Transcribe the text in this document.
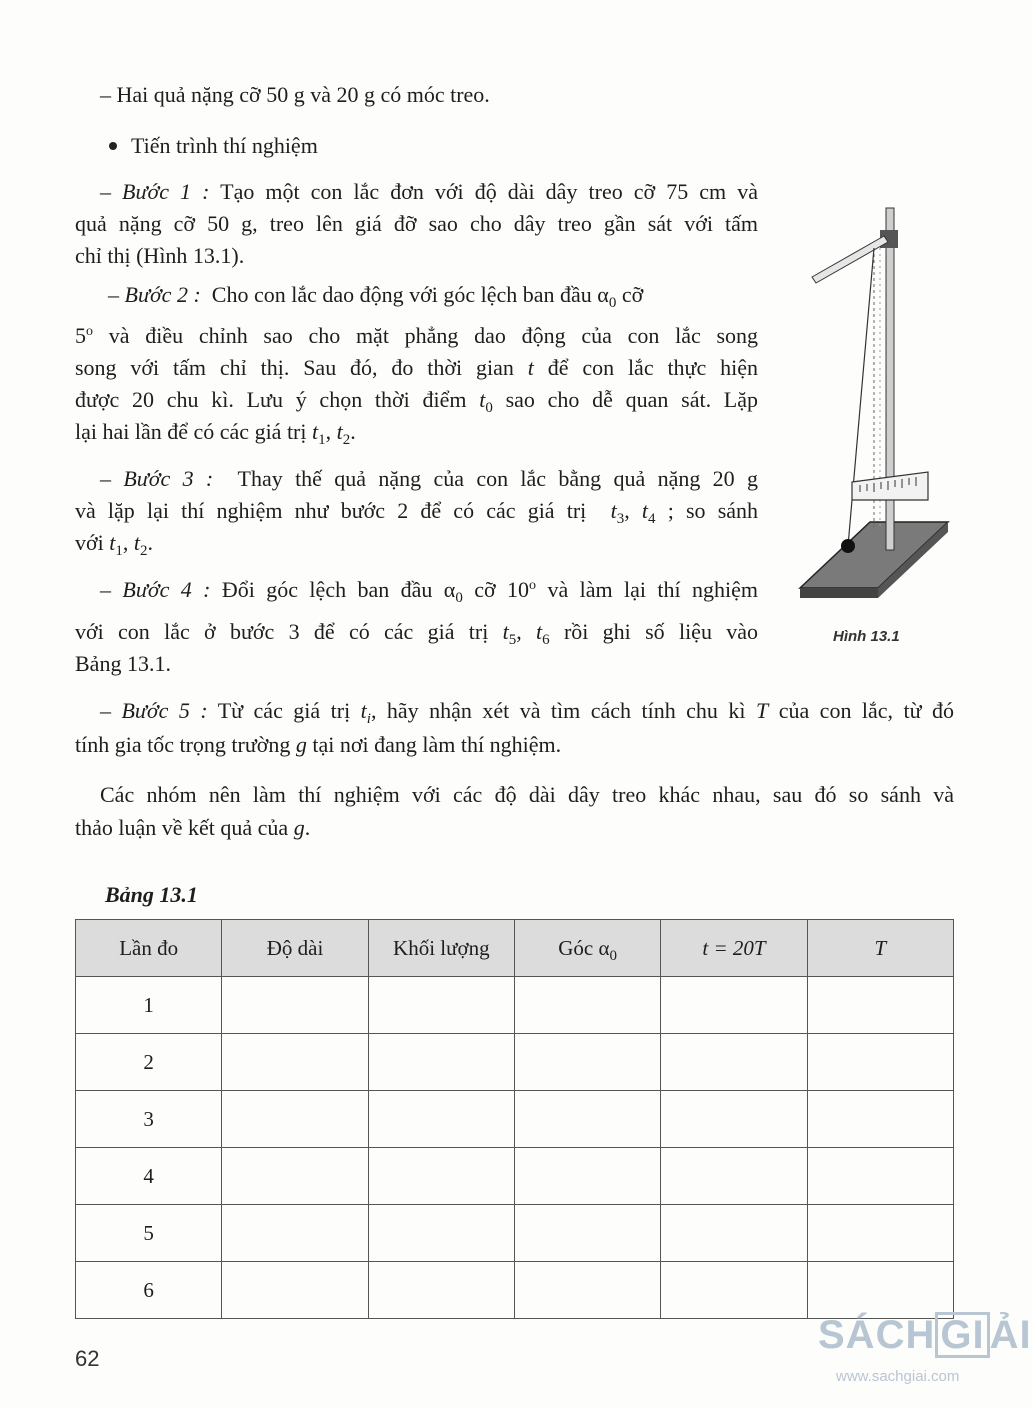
– Hai quả nặng cỡ 50 g và 20 g có móc treo.
Tiến trình thí nghiệm
– Bước 1 : Tạo một con lắc đơn với độ dài dây treo cỡ 75 cm và
quả nặng cỡ 50 g, treo lên giá đỡ sao cho dây treo gần sát với tấm
chỉ thị (Hình 13.1).
– Bước 2 : Cho con lắc dao động với góc lệch ban đầu $\alpha_0$ cỡ
5$^o$ và điều chỉnh sao cho mặt phẳng dao động của con lắc song
song với tấm chỉ thị. Sau đó, đo thời gian t để con lắc thực hiện
được 20 chu kì. Lưu ý chọn thời điểm $t_0$ sao cho dễ quan sát. Lặp
lại hai lần để có các giá trị $t_1$, $t_2$.
– Bước 3 : Thay thế quả nặng của con lắc bằng quả nặng 20 g
và lặp lại thí nghiệm như bước 2 để có các giá trị $t_3$, $t_4$ ; so sánh
với $t_1$, $t_2$.
– Bước 4 : Đổi góc lệch ban đầu $\alpha_0$ cỡ 10$^o$ và làm lại thí nghiệm
với con lắc ở bước 3 để có các giá trị $t_5$, $t_6$ rồi ghi số liệu vào
Bảng 13.1.
– Bước 5 : Từ các giá trị $t_i$, hãy nhận xét và tìm cách tính chu kì T của con lắc, từ đó
tính gia tốc trọng trường g tại nơi đang làm thí nghiệm.
Các nhóm nên làm thí nghiệm với các độ dài dây treo khác nhau, sau đó so sánh và
thảo luận về kết quả của g.
Hình 13.1
Bảng 13.1
Lần đo	Độ dài	Khối lượng	Góc $\alpha_0$	t = 20T	T
1					
2					
3					
4					
5					
6					
62
SÁCH GI ẢI
www.sachgiai.com
